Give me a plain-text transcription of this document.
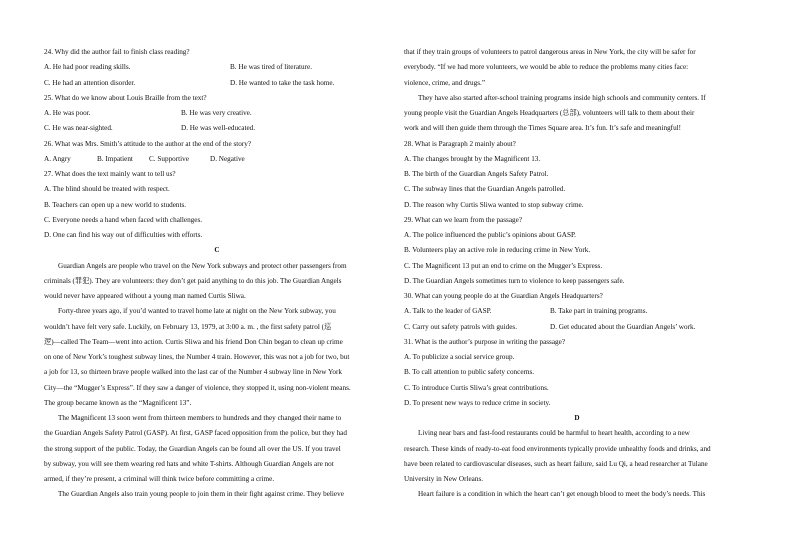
24. Why did the author fail to finish class reading?
A. He had poor reading skills.	B. He was tired of literature.
C. He had an attention disorder.	D. He wanted to take the task home.
25. What do we know about Louis Braille from the text?
A. He was poor.	B. He was very creative.
C. He was near-sighted.	D. He was well-educated.
26. What was Mrs. Smith’s attitude to the author at the end of the story?
A. Angry	B. Impatient C. Supportive	D. Negative
27. What does the text mainly want to tell us?
A. The blind should be treated with respect.
B. Teachers can open up a new world to students.
C. Everyone needs a hand when faced with challenges.
D. One can find his way out of difficulties with efforts.
C
Guardian Angels are people who travel on the New York subways and protect other passengers from
criminals (罪犯). They are volunteers: they don’t get paid anything to do this job. The Guardian Angels
would never have appeared without a young man named Curtis Sliwa.
Forty-three years ago, if you’d wanted to travel home late at night on the New York subway, you
wouldn’t have felt very safe. Luckily, on February 13, 1979, at 3:00 a. m. , the first safety patrol (巡
逻)—called The Team—went into action. Curtis Sliwa and his friend Don Chin began to clean up crime
on one of New York’s toughest subway lines, the Number 4 train. However, this was not a job for two, but
a job for 13, so thirteen brave people walked into the last car of the Number 4 subway line in New York
City—the “Mugger’s Express”. If they saw a danger of violence, they stopped it, using non-violent means.
The group became known as the “Magnificent 13”.
The Magnificent 13 soon went from thirteen members to hundreds and they changed their name to
the Guardian Angels Safety Patrol (GASP). At first, GASP faced opposition from the police, but they had
the strong support of the public. Today, the Guardian Angels can be found all over the US. If you travel
by subway, you will see them wearing red hats and white T-shirts. Although Guardian Angels are not
armed, if they’re present, a criminal will think twice before committing a crime.
The Guardian Angels also train young people to join them in their fight against crime. They believe
that if they train groups of volunteers to patrol dangerous areas in New York, the city will be safer for
everybody. “If we had more volunteers, we would be able to reduce the problems many cities face:
violence, crime, and drugs.”
They have also started after-school training programs inside high schools and community centers. If
young people visit the Guardian Angels Headquarters (总部), volunteers will talk to them about their
work and will then guide them through the Times Square area. It’s fun. It’s safe and meaningful!
28. What is Paragraph 2 mainly about?
A. The changes brought by the Magnificent 13.
B. The birth of the Guardian Angels Safety Patrol.
C. The subway lines that the Guardian Angels patrolled.
D. The reason why Curtis Sliwa wanted to stop subway crime.
29. What can we learn from the passage?
A. The police influenced the public’s opinions about GASP.
B. Volunteers play an active role in reducing crime in New York.
C. The Magnificent 13 put an end to crime on the Mugger’s Express.
D. The Guardian Angels sometimes turn to violence to keep passengers safe.
30. What can young people do at the Guardian Angels Headquarters?
A. Talk to the leader of GASP.	B. Take part in training programs.
C. Carry out safety patrols with guides.	D. Get educated about the Guardian Angels’ work.
31. What is the author’s purpose in writing the passage?
A. To publicize a social service group.
B. To call attention to public safety concerns.
C. To introduce Curtis Sliwa’s great contributions.
D. To present new ways to reduce crime in society.
D
Living near bars and fast-food restaurants could be harmful to heart health, according to a new
research. These kinds of ready-to-eat food environments typically provide unhealthy foods and drinks, and
have been related to cardiovascular diseases, such as heart failure, said Lu Qi, a head researcher at Tulane
University in New Orleans.
Heart failure is a condition in which the heart can’t get enough blood to meet the body’s needs. This
